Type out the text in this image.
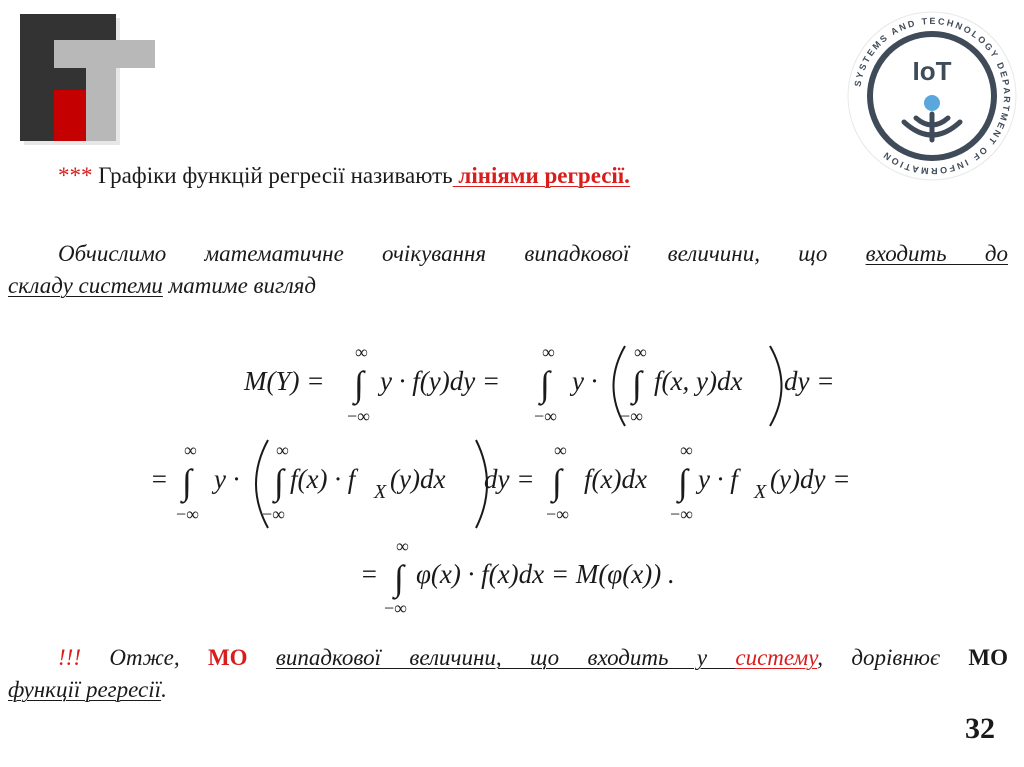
SYSTEMS AND TECHNOLOGY DEPARTMENT OF INFORMATION
IoT
*** Графіки функцій регресії називають лініями регресії.
Обчислимо математичне очікування випадкової величини, що входить до
складу системи матиме вигляд
M(Y) =
∞
−∞
∫ y · f(y)dy =
∞
−∞
∫ y ·
∞
−∞
∫ f(x, y)dx dy =
=
∞
−∞
∫ y ·
∞
−∞
∫ f(x) · f X (y)dx dy =
∞
−∞
∫ f(x)dx
∞
−∞
∫ y · f X (y)dy =
=
∞
−∞
∫ φ(x) · f(x)dx = M(φ(x)) .
!!! Отже, МО випадкової величини, що входить у систему, дорівнює МО
функції регресії.
32
